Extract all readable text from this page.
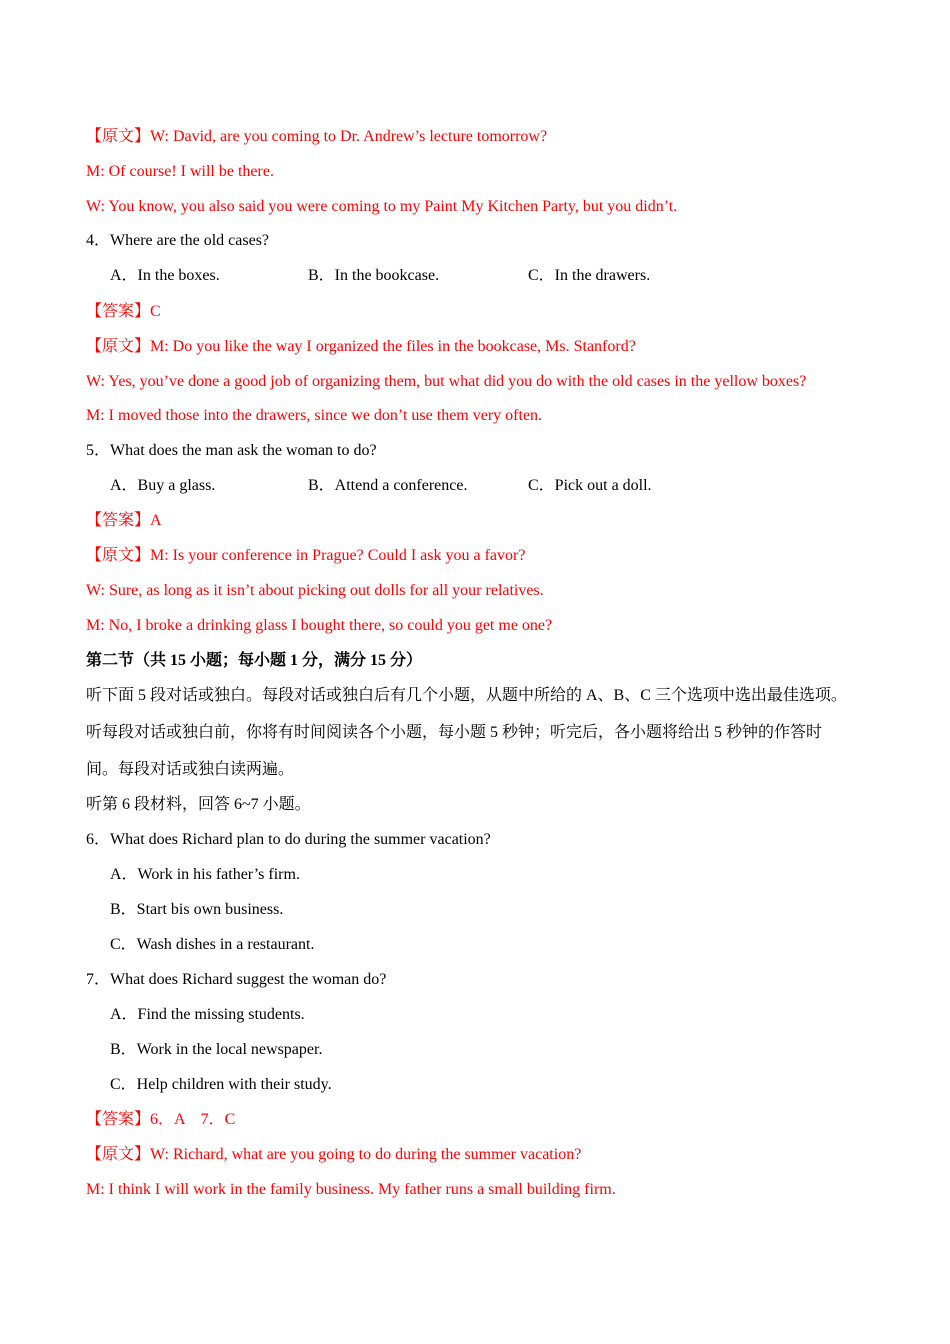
【原文】W: David, are you coming to Dr. Andrew’s lecture tomorrow?
M: Of course! I will be there.
W: You know, you also said you were coming to my Paint My Kitchen Party, but you didn’t.
4．Where are the old cases?
A．In the boxes.	B．In the bookcase.	C．In the drawers.
【答案】C
【原文】M: Do you like the way I organized the files in the bookcase, Ms. Stanford?
W: Yes, you’ve done a good job of organizing them, but what did you do with the old cases in the yellow boxes?
M: I moved those into the drawers, since we don’t use them very often.
5．What does the man ask the woman to do?
A．Buy a glass.	B．Attend a conference.	C．Pick out a doll.
【答案】A
【原文】M: Is your conference in Prague? Could I ask you a favor?
W: Sure, as long as it isn’t about picking out dolls for all your relatives.
M: No, I broke a drinking glass I bought there, so could you get me one?
第二节（共 15 小题；每小题 1 分，满分 15 分）
听下面 5 段对话或独白。每段对话或独白后有几个小题，从题中所给的 A、B、C 三个选项中选出最佳选项。
听每段对话或独白前，你将有时间阅读各个小题，每小题 5 秒钟；听完后，各小题将给出 5 秒钟的作答时
间。每段对话或独白读两遍。
听第 6 段材料，回答 6~7 小题。
6．What does Richard plan to do during the summer vacation?
A．Work in his father’s firm.
B．Start bis own business.
C．Wash dishes in a restaurant.
7．What does Richard suggest the woman do?
A．Find the missing students.
B．Work in the local newspaper.
C．Help children with their study.
【答案】6．A　7．C
【原文】W: Richard, what are you going to do during the summer vacation?
M: I think I will work in the family business. My father runs a small building firm.
